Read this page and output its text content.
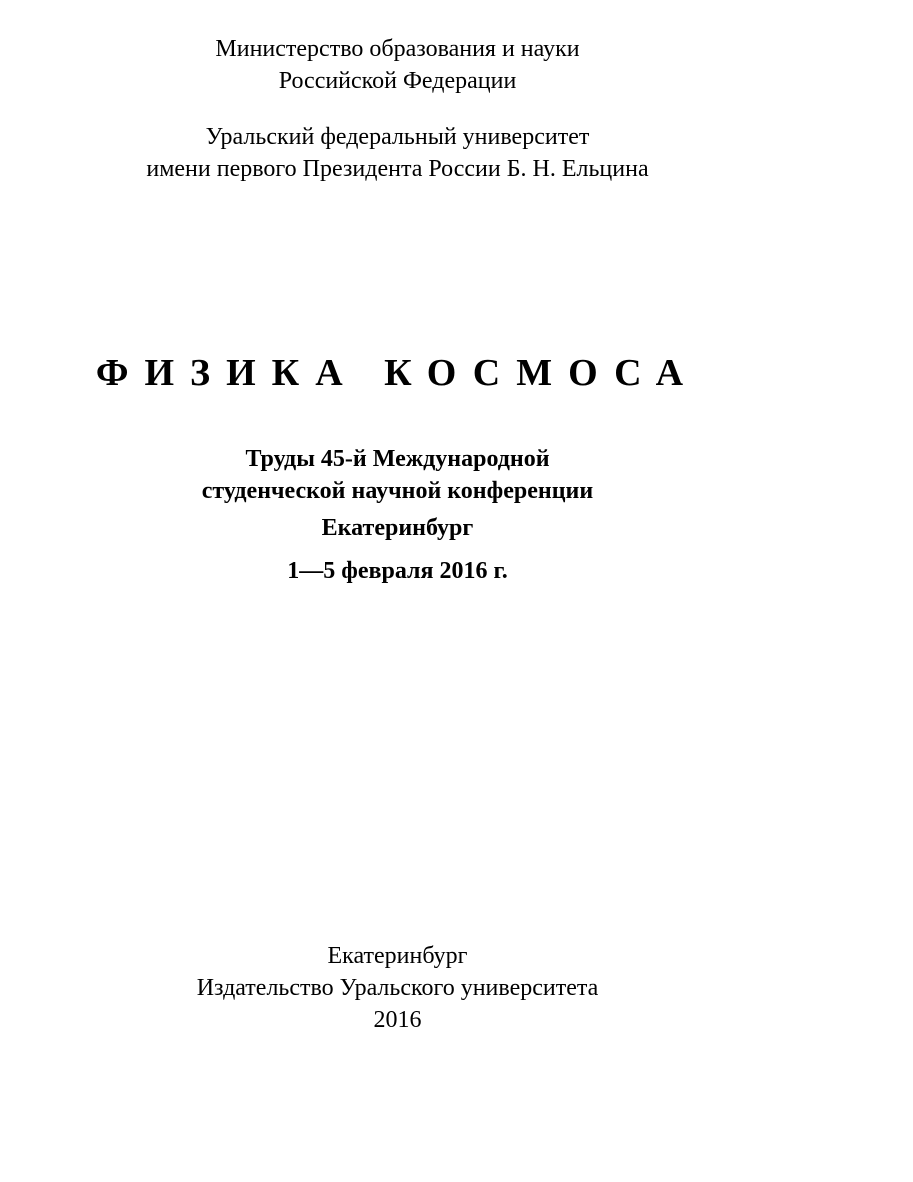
Министерство образования и науки
Российской Федерации
Уральский федеральный университет
имени первого Президента России Б. Н. Ельцина
ФИЗИКА КОСМОСА
Труды 45-й Международной
студенческой научной конференции
Екатеринбург
1—5 февраля 2016 г.
Екатеринбург
Издательство Уральского университета
2016
